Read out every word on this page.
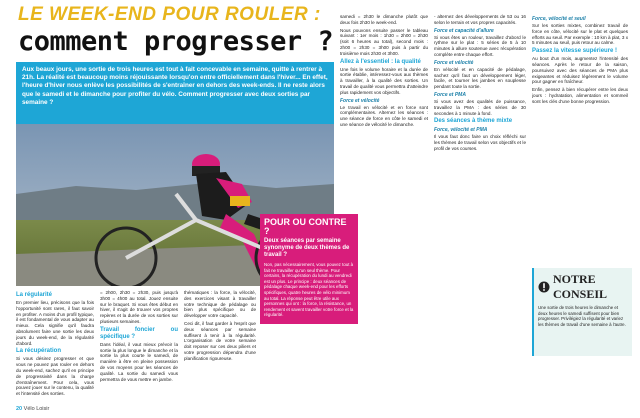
LE WEEK-END POUR ROULER :
comment progresser ?
Aux beaux jours, une sortie de trois heures est tout à fait concevable en semaine, quitte à rentrer à 21h. La réalité est beaucoup moins réjouissante lorsqu'on entre officiellement dans l'hiver... En effet, l'heure d'hiver nous enlève les possibilités de s'entraîner en dehors des week-ends. Il ne reste alors que le samedi et le dimanche pour profiter du vélo. Comment progresser avec deux sorties par semaine ?
POUR OU CONTRE ?
Deux séances par semaine synonyme de deux thèmes de travail ?
Non, pas nécessairement, vous pouvez tout à fait ne travailler qu'un seul thème. Pour certains, la récupération du lundi au vendredi est un plus. Le principe : deux séances de pédalage chaque week-end pour les efforts spécifiques, quatre heures de vélo minimum au total. La réponse peut être utile aux personnes qui ont : la force, la résistance, un rendement et savent travailler votre force et la régularité.
La régularité

En premier lieu, précisons que la fois l'opportunité sont rares, il faut savoir en profiter. A moins d'un profil typique, il est fondamental de vous adapter au mieux. Cela signifie qu'il faudra absolument faire une sortie les deux jours du week-end, de la régularité d'abord.

La récupération

Si vous désirez progresser et que vous ne pouvez pas rouler en dehors du week-end, sachez qu'il en principe de progressivité dans la charge d'entraînement. Pour cela, vous pouvez jouer sur le contenu, la qualité et l'intensité des sorties.

= 2h00, 2h30 = 2h30, puis jusqu'à 3h00 = 4h00 au total. Jouez ensuite sur le braquet. Si vous êtes début en hiver, il s'agit de trouver vos propres repères et la durée de vos sorties sur plusieurs semaines.

Travail foncier ou spécifique ?

Dans l'idéal, il vaut mieux prévoir la sortie la plus longue le dimanche et la sortie la plus courte le samedi, de manière à être en pleine possession de vos moyens pour les séances de qualité. La sortie du samedi vous permettra de vous mettre en jambe.

thématiques : la force, la vélocité, des exercices visant à travailler votre technique de pédalage ou bien plus spécifique ou de développer votre capacité.

Ceci dit, il faut garder à l'esprit que deux séances par semaine suffisent à tenir à la régularité. L'organisation de votre semaine doit reposer sur ces deux piliers et votre progression dépendra d'une planification rigoureuse.

samedi = 2h30 le dimanche plutôt que deux fois 2h30 le week-end.

Nous pouvons ensuite passer le tableau suivant : 1er mois : 1h30 = 2h00 = 2h30 (soit 6 heures au total), second mois : 2h00 = 2h30 = 3h00 puis à partir du troisième mois 2h30 et 3h00.

Allez à l'essentiel : la qualité

Une fois le volume horaire et la durée de sortie établie, intéressez-vous aux thèmes à travailler, à la qualité des sorties. Un travail de qualité vous permettra d'atteindre plus rapidement vos objectifs.

Force et vélocité

Le travail en vélocité et en force sont complémentaires. Alternez les séances : une séance de force en côte le samedi et une séance de vélocité le dimanche.

- alternez des développements de 53 ou 16 selon le terrain et vos propres capacités.

Force et capacité d'allure

Si vous êtes un rouleur, travaillez d'abord le rythme sur le plat : 5 séries de 5 à 10 minutes à allure soutenue avec récupération complète entre chaque effort.

Force et vélocité

En vélocité et en capacité de pédalage, sachez qu'il faut un développement léger, facile, et tourner les jambes en souplesse pendant toute la sortie.

Force et PMA

Si vous avez des qualités de puissance, travaillez la PMA : des séries de 30 secondes à 1 minute à fond.

Des séances à thème mixte
Force, vélocité et PMA

Il vous faut donc faire un choix réfléchi sur les thèmes de travail selon vos objectifs et le profil de vos courses.

Force, vélocité et seuil

Sur les sorties mixtes, combinez travail de force en côte, vélocité sur le plat et quelques efforts au seuil. Par exemple : 10 km à plat, 3 x 5 minutes au seuil, puis retour au calme.

Passez la vitesse supérieure !

Au bout d'un mois, augmentez l'intensité des séances. Après le retour de la saison, poursuivez avec des séances de PMA plus exigeantes et réduisez légèrement le volume pour gagner en fraîcheur.

Enfin, pensez à bien récupérer entre les deux jours : hydratation, alimentation et sommeil sont les clés d'une bonne progression.

NOTRE CONSEIL
Une sortie de trois heures le dimanche et deux heures le samedi suffisent pour bien progresser. Privilégiez la régularité et variez les thèmes de travail d'une semaine à l'autre.
20 Vélo Loisir
